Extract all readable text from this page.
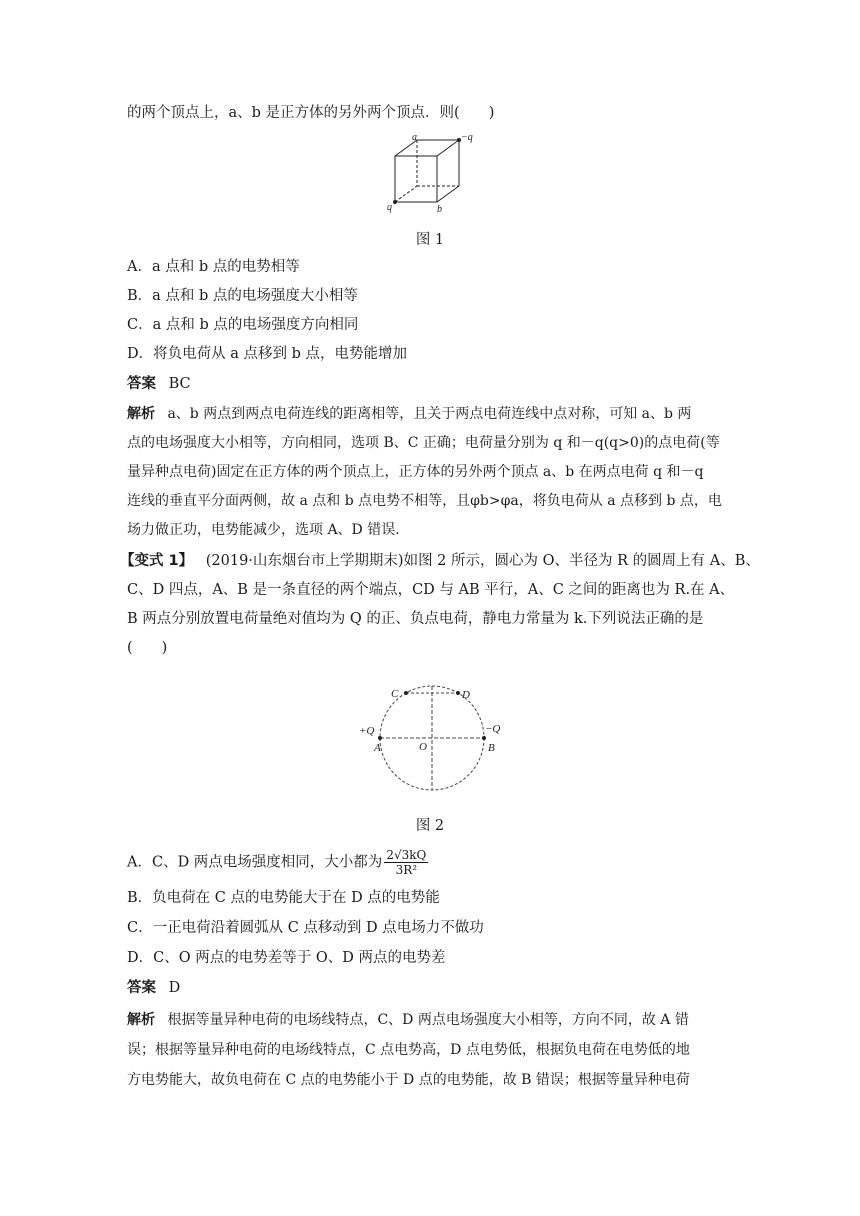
的两个顶点上，a、b 是正方体的另外两个顶点．则(　　)
a	−q
q	b
图 1
A．a 点和 b 点的电势相等
B．a 点和 b 点的电场强度大小相等
C．a 点和 b 点的电场强度方向相同
D．将负电荷从 a 点移到 b 点，电势能增加
答案 BC
解析 a、b 两点到两点电荷连线的距离相等，且关于两点电荷连线中点对称，可知 a、b 两
点的电场强度大小相等，方向相同，选项 B、C 正确；电荷量分别为 q 和－q(q>0)的点电荷(等
量异种点电荷)固定在正方体的两个顶点上，正方体的另外两个顶点 a、b 在两点电荷 q 和－q
连线的垂直平分面两侧，故 a 点和 b 点电势不相等，且φb>φa，将负电荷从 a 点移到 b 点，电
场力做正功，电势能减少，选项 A、D 错误．
【变式 1】 (2019·山东烟台市上学期期末)如图 2 所示，圆心为 O、半径为 R 的圆周上有 A、B、
C、D 四点，A、B 是一条直径的两个端点，CD 与 AB 平行，A、C 之间的距离也为 R.在 A、
B 两点分别放置电荷量绝对值均为 Q 的正、负点电荷，静电力常量为 k.下列说法正确的是
(　　)
C	D
+Q	−Q
A	O	B
图 2
A．C、D 两点电场强度相同，大小都为 $\frac{2√3kQ}{\text{3R²}}$
B．负电荷在 C 点的电势能大于在 D 点的电势能
C．一正电荷沿着圆弧从 C 点移动到 D 点电场力不做功
D．C、O 两点的电势差等于 O、D 两点的电势差
答案 D
解析 根据等量异种电荷的电场线特点，C、D 两点电场强度大小相等，方向不同，故 A 错
误；根据等量异种电荷的电场线特点，C 点电势高，D 点电势低，根据负电荷在电势低的地
方电势能大，故负电荷在 C 点的电势能小于 D 点的电势能，故 B 错误；根据等量异种电荷
